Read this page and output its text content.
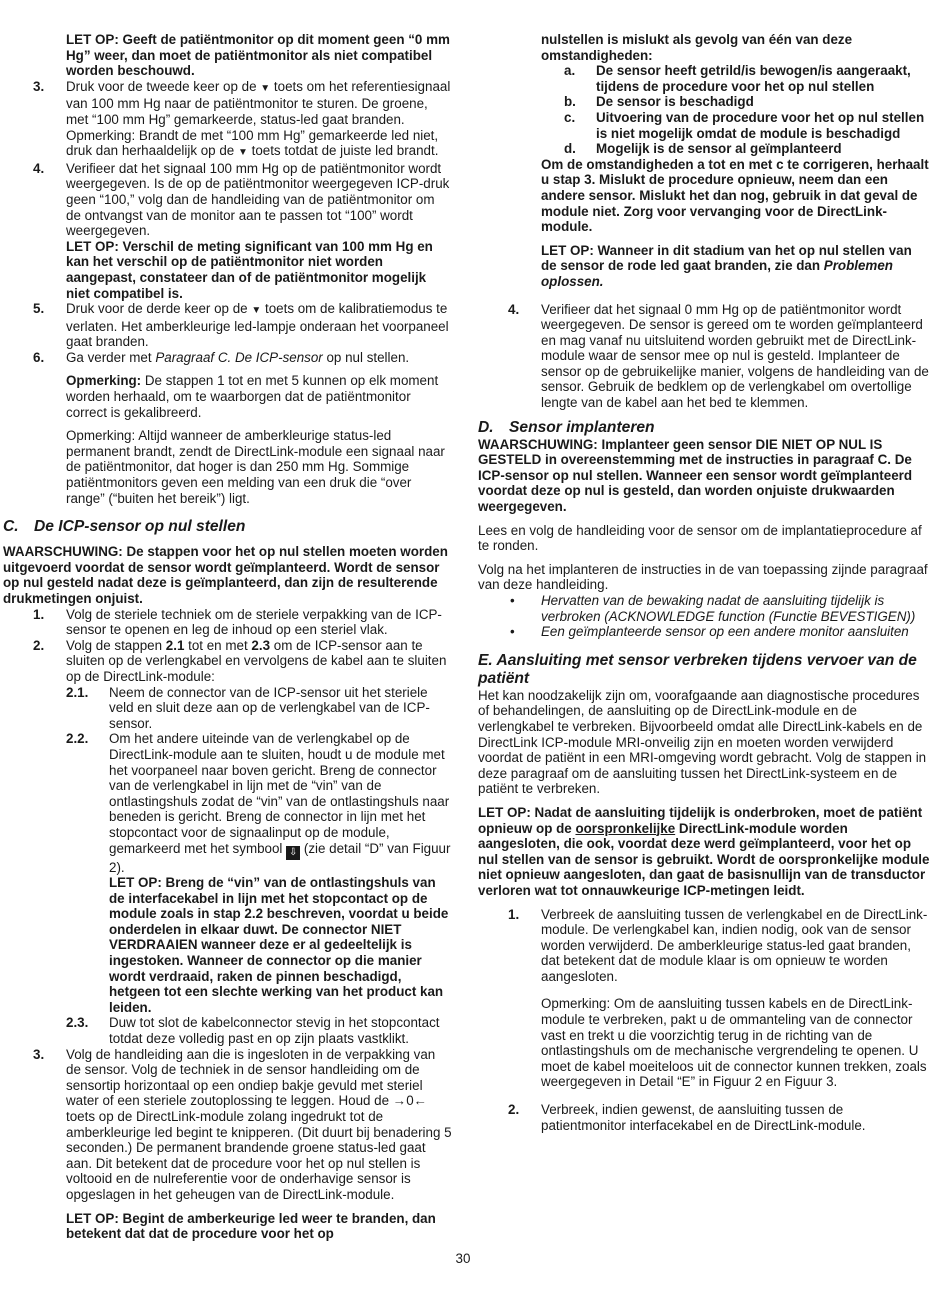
LET OP: Geeft de patiëntmonitor op dit moment geen “0 mm Hg” weer, dan moet de patiëntmonitor als niet compatibel worden beschouwd.

3.	Druk voor de tweede keer op de ▼ toets om het referentiesignaal van 100 mm Hg naar de patiëntmonitor te sturen. De groene, met “100 mm Hg” gemarkeerde, status-led gaat branden. Opmerking: Brandt de met “100 mm Hg” gemarkeerde led niet, druk dan herhaaldelijk op de ▼ toets totdat de juiste led brandt.
4.	Verifieer dat het signaal 100 mm Hg op de patiëntmonitor wordt weergegeven. Is de op de patiëntmonitor weergegeven ICP-druk geen “100,” volg dan de handleiding van de patiëntmonitor om de ontvangst van de monitor aan te passen tot “100” wordt weergegeven.

LET OP: Verschil de meting significant van 100 mm Hg en kan het verschil op de patiëntmonitor niet worden aangepast, constateer dan of de patiëntmonitor mogelijk niet compatibel is.

5.	Druk voor de derde keer op de ▼ toets om de kalibratiemodus te verlaten. Het amberkleurige led-lampje onderaan het voorpaneel gaat branden.
6.	Ga verder met Paragraaf C. De ICP-sensor op nul stellen.

Opmerking: De stappen 1 tot en met 5 kunnen op elk moment worden herhaald, om te waarborgen dat de patiëntmonitor correct is gekalibreerd.

Opmerking: Altijd wanneer de amberkleurige status-led permanent brandt, zendt de DirectLink-module een signaal naar de patiëntmonitor, dat hoger is dan 250 mm Hg. Sommige patiëntmonitors geven een melding van een druk die “over range” (“buiten het bereik”) ligt.

C. De ICP-sensor op nul stellen

WAARSCHUWING: De stappen voor het op nul stellen moeten worden uitgevoerd voordat de sensor wordt geïmplanteerd. Wordt de sensor op nul gesteld nadat deze is geïmplanteerd, dan zijn de resulterende drukmetingen onjuist.

1.	Volg de steriele techniek om de steriele verpakking van de ICP-sensor te openen en leg de inhoud op een steriel vlak.

2.	Volg de stappen 2.1 tot en met 2.3 om de ICP-sensor aan te sluiten op de verlengkabel en vervolgens de kabel aan te sluiten op de DirectLink-module:
2.1.	Neem de connector van de ICP-sensor uit het steriele veld en sluit deze aan op de verlengkabel van de ICP-sensor.

2.2.	Om het andere uiteinde van de verlengkabel op de DirectLink-module aan te sluiten, houdt u de module met het voorpaneel naar boven gericht. Breng de connector van de verlengkabel in lijn met de “vin” van de ontlastingshuls zodat de “vin” van de ontlastingshuls naar beneden is gericht. Breng de connector in lijn met het stopcontact voor de signaalinput op de module, gemarkeerd met het symbool ⇩ (zie detail “D” van Figuur 2).

LET OP: Breng de “vin” van de ontlastingshuls van de interfacekabel in lijn met het stopcontact op de module zoals in stap 2.2 beschreven, voordat u beide onderdelen in elkaar duwt. De connector NIET VERDRAAIEN wanneer deze er al gedeeltelijk is ingestoken. Wanneer de connector op die manier wordt verdraaid, raken de pinnen beschadigd, hetgeen tot een slechte werking van het product kan leiden.

2.3.	Duw tot slot de kabelconnector stevig in het stopcontact totdat deze volledig past en op zijn plaats vastklikt.

3.	Volg de handleiding aan die is ingesloten in de verpakking van de sensor. Volg de techniek in de sensor handleiding om de sensortip horizontaal op een ondiep bakje gevuld met steriel water of een steriele zoutoplossing te leggen. Houd de →0← toets op de DirectLink-module zolang ingedrukt tot de amberkleurige led begint te knipperen. (Dit duurt bij benadering 5 seconden.) De permanent brandende groene status-led gaat aan. Dit betekent dat de procedure voor het op nul stellen is voltooid en de nulreferentie voor de onderhavige sensor is opgeslagen in het geheugen van de DirectLink-module.

LET OP: Begint de amberkeurige led weer te branden, dan betekent dat dat de procedure voor het op

nulstellen is mislukt als gevolg van één van deze omstandigheden:

a. De sensor heeft getrild/is bewogen/is aangeraakt, tijdens de procedure voor het op nul stellen
b. De sensor is beschadigd
c. Uitvoering van de procedure voor het op nul stellen is niet mogelijk omdat de module is beschadigd
d. Mogelijk is de sensor al geïmplanteerd

Om de omstandigheden a tot en met c te corrigeren, herhaalt u stap 3. Mislukt de procedure opnieuw, neem dan een andere sensor. Mislukt het dan nog, gebruik in dat geval de module niet. Zorg voor vervanging voor de DirectLink-module.

LET OP: Wanneer in dit stadium van het op nul stellen van de sensor de rode led gaat branden, zie dan Problemen oplossen.

4.	Verifieer dat het signaal 0 mm Hg op de patiëntmonitor wordt weergegeven. De sensor is gereed om te worden geïmplanteerd en mag vanaf nu uitsluitend worden gebruikt met de DirectLink-module waar de sensor mee op nul is gesteld. Implanteer de sensor op de gebruikelijke manier, volgens de handleiding van de sensor. Gebruik de bedklem op de verlengkabel om overtollige lengte van de kabel aan het bed te klemmen.

D. Sensor implanteren

WAARSCHUWING: Implanteer geen sensor DIE NIET OP NUL IS GESTELD in overeenstemming met de instructies in paragraaf C. De ICP-sensor op nul stellen. Wanneer een sensor wordt geïmplanteerd voordat deze op nul is gesteld, dan worden onjuiste drukwaarden weergegeven.

Lees en volg de handleiding voor de sensor om de implantatieprocedure af te ronden.

Volg na het implanteren de instructies in de van toepassing zijnde paragraaf van deze handleiding.

• Hervatten van de bewaking nadat de aansluiting tijdelijk is verbroken (ACKNOWLEDGE function (Functie BEVESTIGEN))
• Een geïmplanteerde sensor op een andere monitor aansluiten
E. Aansluiting met sensor verbreken tijdens vervoer van de patiënt

Het kan noodzakelijk zijn om, voorafgaande aan diagnostische procedures of behandelingen, de aansluiting op de DirectLink-module en de verlengkabel te verbreken. Bijvoorbeeld omdat alle DirectLink-kabels en de DirectLink ICP-module MRI-onveilig zijn en moeten worden verwijderd voordat de patiënt in een MRI-omgeving wordt gebracht. Volg de stappen in deze paragraaf om de aansluiting tussen het DirectLink-systeem en de patiënt te verbreken.

LET OP: Nadat de aansluiting tijdelijk is onderbroken, moet de patiënt opnieuw op de oorspronkelijke DirectLink-module worden aangesloten, die ook, voordat deze werd geïmplanteerd, voor het op nul stellen van de sensor is gebruikt. Wordt de oorspronkelijke module niet opnieuw aangesloten, dan gaat de basisnullijn van de transductor verloren wat tot onnauwkeurige ICP-metingen leidt.

1.	Verbreek de aansluiting tussen de verlengkabel en de DirectLink-module. De verlengkabel kan, indien nodig, ook van de sensor worden verwijderd. De amberkleurige status-led gaat branden, dat betekent dat de module klaar is om opnieuw te worden aangesloten.

Opmerking: Om de aansluiting tussen kabels en de DirectLink-module te verbreken, pakt u de ommanteling van de connector vast en trekt u die voorzichtig terug in de richting van de ontlastingshuls om de mechanische vergrendeling te openen. U moet de kabel moeiteloos uit de connector kunnen trekken, zoals weergegeven in Detail “E” in Figuur 2 en Figuur 3.

2.	Verbreek, indien gewenst, de aansluiting tussen de patientmonitor interfacekabel en de DirectLink-module.

30
